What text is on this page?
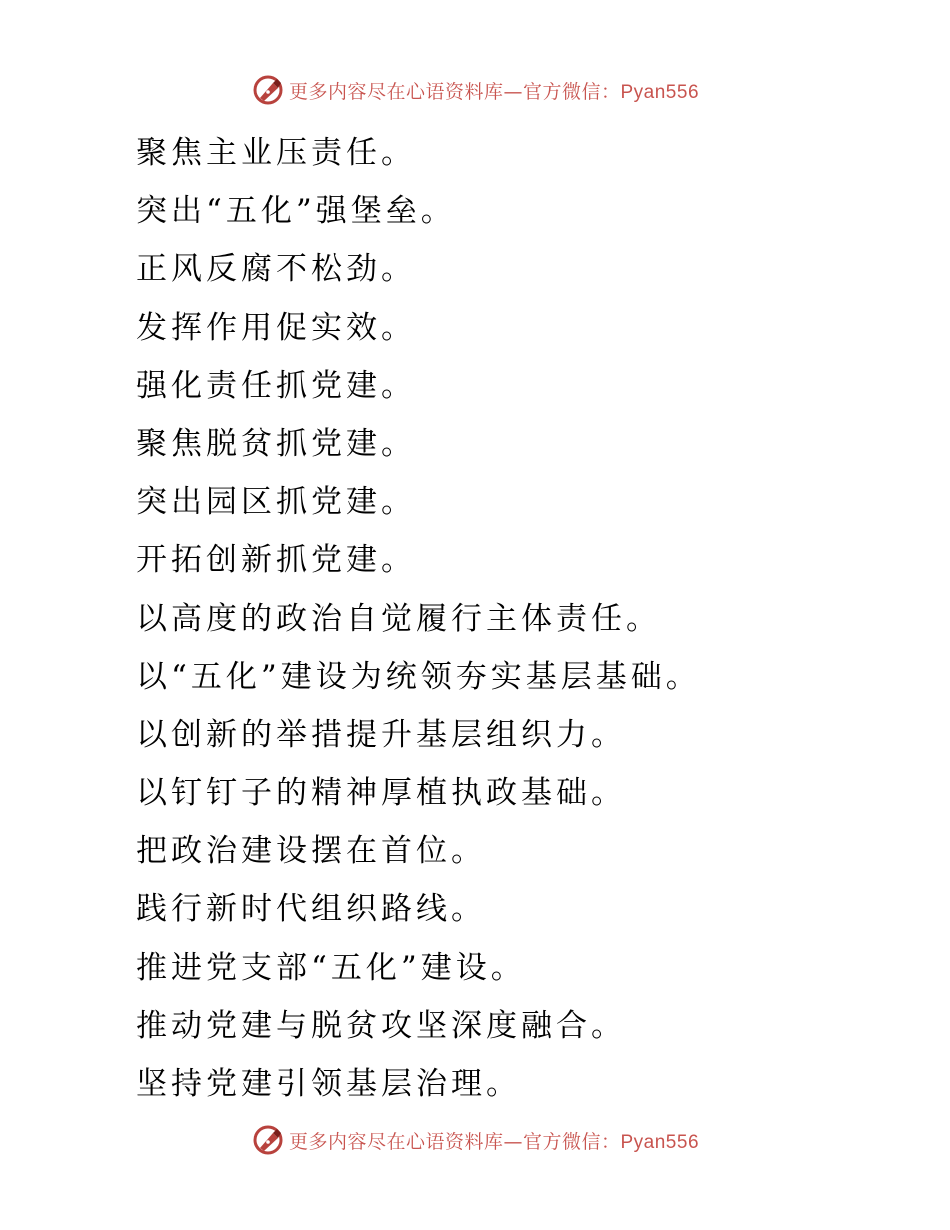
更多内容尽在心语资料库—官方微信：Pyan556
聚焦主业压责任。
突出“五化”强堡垒。
正风反腐不松劲。
发挥作用促实效。
强化责任抓党建。
聚焦脱贫抓党建。
突出园区抓党建。
开拓创新抓党建。
以高度的政治自觉履行主体责任。
以“五化”建设为统领夯实基层基础。
以创新的举措提升基层组织力。
以钉钉子的精神厚植执政基础。
把政治建设摆在首位。
践行新时代组织路线。
推进党支部“五化”建设。
推动党建与脱贫攻坚深度融合。
坚持党建引领基层治理。
更多内容尽在心语资料库—官方微信：Pyan556
